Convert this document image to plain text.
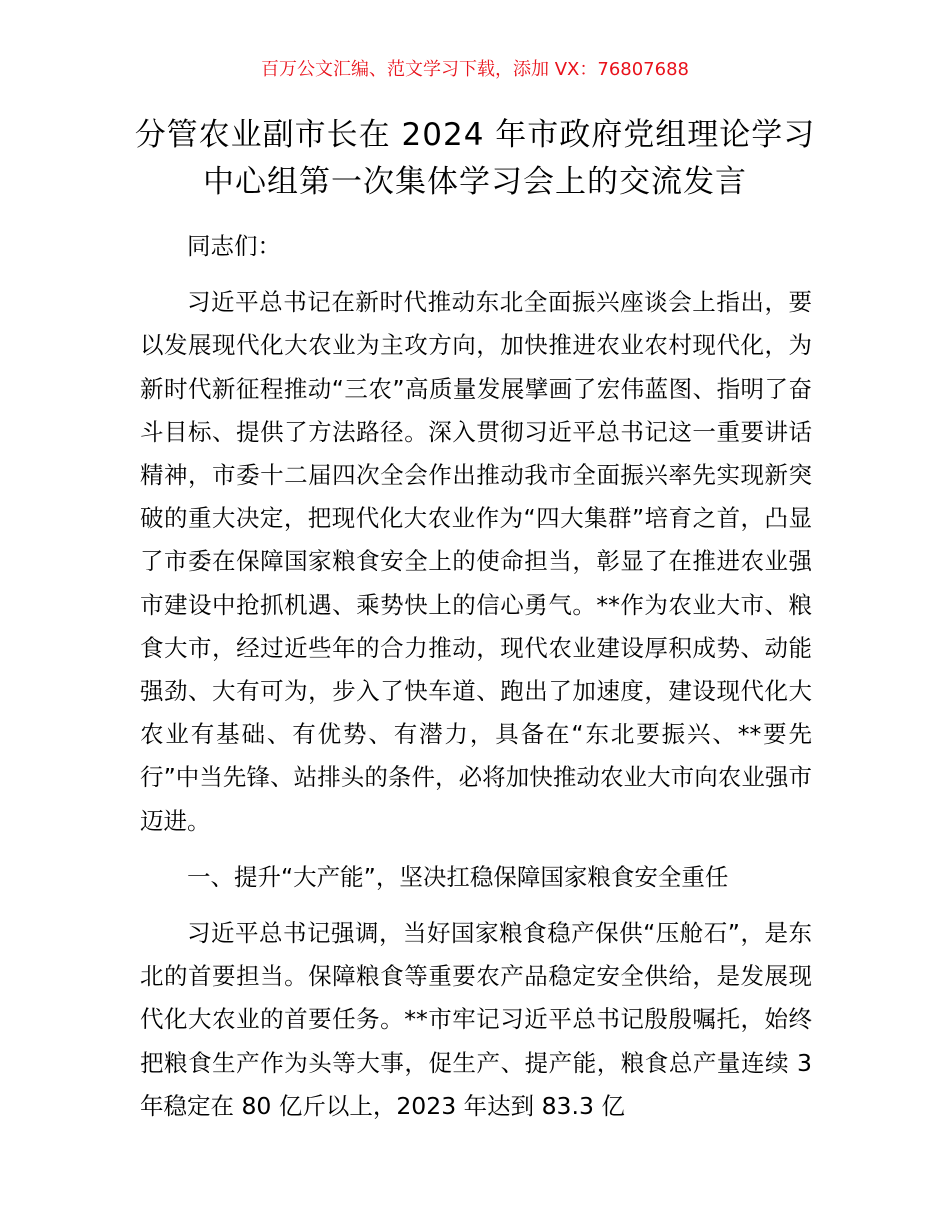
百万公文汇编、范文学习下载，添加 VX：76807688
分管农业副市长在 2024 年市政府党组理论学习
中心组第一次集体学习会上的交流发言

同志们：

习近平总书记在新时代推动东北全面振兴座谈会上指出，要以发展现代化大农业为主攻方向，加快推进农业农村现代化，为新时代新征程推动“三农”高质量发展擘画了宏伟蓝图、指明了奋斗目标、提供了方法路径。深入贯彻习近平总书记这一重要讲话精神，市委十二届四次全会作出推动我市全面振兴率先实现新突破的重大决定，把现代化大农业作为“四大集群”培育之首，凸显了市委在保障国家粮食安全上的使命担当，彰显了在推进农业强市建设中抢抓机遇、乘势快上的信心勇气。**作为农业大市、粮食大市，经过近些年的合力推动，现代农业建设厚积成势、动能强劲、大有可为，步入了快车道、跑出了加速度，建设现代化大农业有基础、有优势、有潜力，具备在“东北要振兴、**要先行”中当先锋、站排头的条件，必将加快推动农业大市向农业强市迈进。

一、提升“大产能”，坚决扛稳保障国家粮食安全重任

习近平总书记强调，当好国家粮食稳产保供“压舱石”，是东北的首要担当。保障粮食等重要农产品稳定安全供给，是发展现代化大农业的首要任务。**市牢记习近平总书记殷殷嘱托，始终把粮食生产作为头等大事，促生产、提产能，粮食总产量连续 3 年稳定在 80 亿斤以上，2023 年达到 83.3 亿
